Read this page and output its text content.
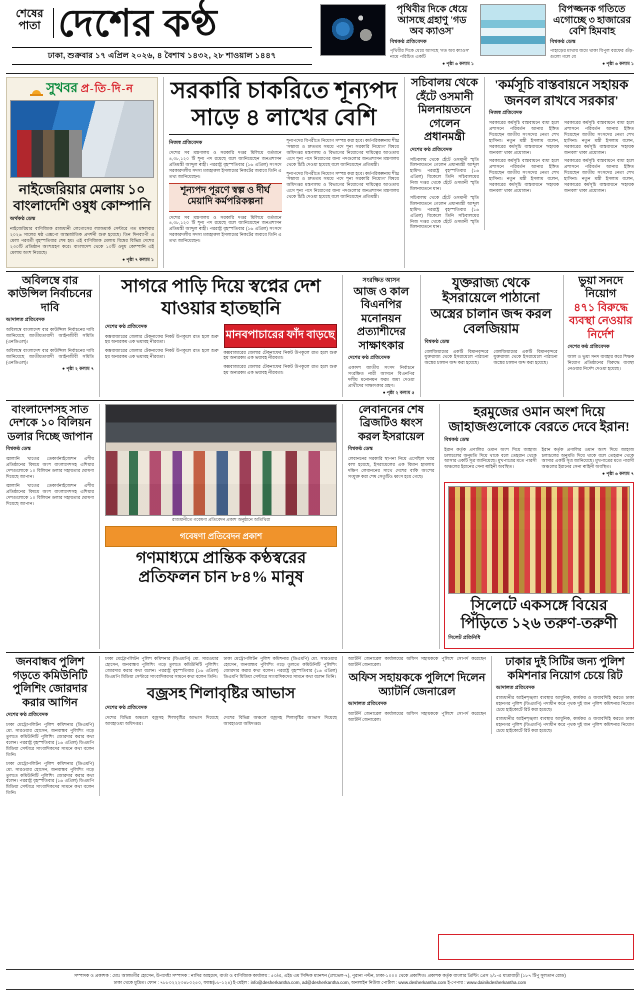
শেষের পাতা দেশের কণ্ঠ
ঢাকা, শুক্রবার ১৭ এপ্রিল ২০২৬, ৪ বৈশাখ ১৪৩২, ২৮ শাওয়াল ১৪৪৭
পৃথিবীর দিকে ধেয়ে আসছে গ্রহাণু 'গড অব ক্যাওস'
বিশ্বকণ্ঠ প্রতিবেদক
পৃথিবীর দিকে ধেয়ে আসছে 'গড অব ক্যাওস' নামে পরিচিত একটি
● পৃষ্ঠা ৬ কলাম ১
বিপজ্জনক গতিতে এগোচ্ছে ৩ হাজারের বেশি হিমবাহ
বিশ্বকণ্ঠ ডেস্ক
পাহাড়ের মাথায় জমে থাকা বিপুল বরফের গুঁড়-গুলো গলে যে
● পৃষ্ঠা ৬ কলাম ১
সুখবর প্র-তি-দি-ন
নাইজেরিয়ার মেলায় ১০ বাংলাদেশি ওষুধ কোম্পানি
অর্থকণ্ঠ ডেস্ক
নাইজেরিয়ার বাণিজ্যিক রাজধানী লেগোসের ল্যান্ডমার্ক সেন্টারে গত মঙ্গলবার ২০২৬ সালের ষষ্ঠ এক্সপো আন্তর্জাতিক প্রদর্শনী শুরু হয়েছে। তিন দিনব্যাপী এ মেলা পরবর্তী বৃহস্পতিবার শেষ হয়। এই বাণিজ্যিক মেলায় বিশ্বের বিভিন্ন দেশের ২৩০টি প্রতিষ্ঠান অংশগ্রহণ করে। বাংলাদেশ থেকে ১০টি ওষুধ কোম্পানি এই মেলায় অংশ নিয়েছে।
● পৃষ্ঠা ৭ কলাম ১
সরকারি চাকরিতে শূন্যপদ সাড়ে ৪ লাখের বেশি
নিজস্ব প্রতিবেদক
দেশের সব মন্ত্রণালয় ও সরকারি দপ্তর মিলিয়ে বর্তমানে ৪,৩৮,১২০ টি শূন্য পদ রয়েছে বলে জানিয়েছেন জনপ্রশাসন প্রতিমন্ত্রী আব্দুল ৰাহী। পররাষ্ট্র বৃহস্পতিবার (১৬ এপ্রিল) সংসদে সরকারদলীয় সদস্য মজহারুল ইসলামের নিকটের জবাবে তিনি এ তথ্য জানিয়েছেন।
শূন্যপদ পূরণে স্বল্প ও দীর্ঘ মেয়াদি কর্মপরিকল্পনা
দেশের সব মন্ত্রণালয় ও সরকারি দপ্তর মিলিয়ে বর্তমানে ৪,৩৮,১২০ টি শূন্য পদ রয়েছে বলে জানিয়েছেন জনপ্রশাসন প্রতিমন্ত্রী আব্দুল ৰাহী। পররাষ্ট্র বৃহস্পতিবার (১৬ এপ্রিল) সংসদে সরকারদলীয় সদস্য মজহারুল ইসলামের নিকটের জবাবে তিনি এ তথ্য জানিয়েছেন।
শূন্যপদের বিপরীতে নিয়োগ সম্পন্ন করা হবে। কর্মপরিকল্পনায় শীঘ্র 'সম্ভাব্য ও দ্রুততম সময়ে পদে শূন্য সরকারি নিয়োগ' বিষয়ে অধিদপ্তর মন্ত্রণালয় ও বিভাগের নিয়োগের দায়িত্বের আওতায় এসে শূন্য পদে নিয়োগের জন্য পদগুলোর জনপ্রশাসন মন্ত্রণালয় থেকে চিঠি দেওয়া হয়েছে বলে জানিয়েছেন প্রতিমন্ত্রী।
শূন্যপদের বিপরীতে নিয়োগ সম্পন্ন করা হবে। কর্মপরিকল্পনায় শীঘ্র 'সম্ভাব্য ও দ্রুততম সময়ে পদে শূন্য সরকারি নিয়োগ' বিষয়ে অধিদপ্তর মন্ত্রণালয় ও বিভাগের নিয়োগের দায়িত্বের আওতায় এসে শূন্য পদে নিয়োগের জন্য পদগুলোর জনপ্রশাসন মন্ত্রণালয় থেকে চিঠি দেওয়া হয়েছে বলে জানিয়েছেন প্রতিমন্ত্রী।
সচিবালয় থেকে হেঁটে ওসমানী মিলনায়তনে গেলেন প্রধানমন্ত্রী
দেশের কণ্ঠ প্রতিবেদক
সচিবালয় থেকে হেঁটে ওসমানী স্মৃতি মিলনায়তনে গেলেন প্রধানমন্ত্রী আব্দুল হামিদ। পররাষ্ট্র বৃহস্পতিবার (১৬ এপ্রিল) বিকেলে তিনি সচিবালয়ের নিজ দপ্তর থেকে হেঁটে ওসমানী স্মৃতি মিলনায়তনে যান।
সচিবালয় থেকে হেঁটে ওসমানী স্মৃতি মিলনায়তনে গেলেন প্রধানমন্ত্রী আব্দুল হামিদ। পররাষ্ট্র বৃহস্পতিবার (১৬ এপ্রিল) বিকেলে তিনি সচিবালয়ের নিজ দপ্তর থেকে হেঁটে ওসমানী স্মৃতি মিলনায়তনে যান।
'কর্মসূচি বাস্তবায়নে সহায়ক জনবল রাখবে সরকার'
নিজস্ব প্রতিবেদক
সরকারের কর্মসূচি বাস্তবায়নে বাধা হলে প্রশাসনে পরিবর্তন আনার ইঙ্গিত দিয়েছেন জাতীয় সংসদের নেতা শেখ হাসিনা। নতুন মন্ত্রী ইসলাম বলেন, সরকারের কর্মসূচি বাস্তবায়নে 'সহায়ক জনবল' থাকা প্রয়োজন।
সরকারের কর্মসূচি বাস্তবায়নে বাধা হলে প্রশাসনে পরিবর্তন আনার ইঙ্গিত দিয়েছেন জাতীয় সংসদের নেতা শেখ হাসিনা। নতুন মন্ত্রী ইসলাম বলেন, সরকারের কর্মসূচি বাস্তবায়নে 'সহায়ক জনবল' থাকা প্রয়োজন।
সরকারের কর্মসূচি বাস্তবায়নে বাধা হলে প্রশাসনে পরিবর্তন আনার ইঙ্গিত দিয়েছেন জাতীয় সংসদের নেতা শেখ হাসিনা। নতুন মন্ত্রী ইসলাম বলেন, সরকারের কর্মসূচি বাস্তবায়নে 'সহায়ক জনবল' থাকা প্রয়োজন।
সরকারের কর্মসূচি বাস্তবায়নে বাধা হলে প্রশাসনে পরিবর্তন আনার ইঙ্গিত দিয়েছেন জাতীয় সংসদের নেতা শেখ হাসিনা। নতুন মন্ত্রী ইসলাম বলেন, সরকারের কর্মসূচি বাস্তবায়নে 'সহায়ক জনবল' থাকা প্রয়োজন।
অবিলম্বে বার কাউন্সিল নির্বাচনের দাবি
আদালত প্রতিবেদক
অবিলম্বে বাংলাদেশ বার কাউন্সিল নির্বাচনের দাবি জানিয়েছে জাতীয়তাবাদী আইনজীবী সমিতি (এনডিএল)।
অবিলম্বে বাংলাদেশ বার কাউন্সিল নির্বাচনের দাবি জানিয়েছে জাতীয়তাবাদী আইনজীবী সমিতি (এনডিএল)।
● পৃষ্ঠা ২ কলাম ৭
সাগরে পাড়ি দিয়ে স্বপ্নের দেশ যাওয়ার হাতছানি
দেশের কণ্ঠ প্রতিবেদক
কক্সবাজারের জেলার টেকনাফের নিকট উপকূলে রাত হলে শুরু হয় অন্যরকম এক ভয়াবহ নীরবতা।
কক্সবাজারের জেলার টেকনাফের নিকট উপকূলে রাত হলে শুরু হয় অন্যরকম এক ভয়াবহ নীরবতা।
মানবপাচারের ফাঁদ বাড়ছে
কক্সবাজারের জেলার টেকনাফের নিকট উপকূলে রাত হলে শুরু হয় অন্যরকম এক ভয়াবহ নীরবতা।
কক্সবাজারের জেলার টেকনাফের নিকট উপকূলে রাত হলে শুরু হয় অন্যরকম এক ভয়াবহ নীরবতা।
সংরক্ষিত আসন
আজ ও কাল বিএনপির মনোনয়ন প্রত্যাশীদের সাক্ষাৎকার
দেশের কণ্ঠ প্রতিবেদক
একাদশ জাতীয় সংসদ নির্বাচনে সংরক্ষিত নারী আসনে বিএনপির দলীয় মনোনয়ন ফরম জমা দেওয়া প্রার্থীদের সাক্ষাৎকার গ্রহণ।
● পৃষ্ঠা ২ কলাম ৫
যুক্তরাজ্য থেকে ইসরায়েলে পাঠানো অস্ত্রের চালান জব্দ করল বেলজিয়াম
বিশ্বকণ্ঠ ডেস্ক
বেলজিয়ামের একটি বিমানবন্দরে যুক্তরাজ্য থেকে ইসরায়েলে পাঠানো অস্ত্রের চালান জব্দ করা হয়েছে।
বেলজিয়ামের একটি বিমানবন্দরে যুক্তরাজ্য থেকে ইসরায়েলে পাঠানো অস্ত্রের চালান জব্দ করা হয়েছে।
ভুয়া সনদে নিয়োগ
৪৭১ বিরুদ্ধে ব্যবস্থা নেওয়ার নির্দেশ
দেশের কণ্ঠ প্রতিবেদক
জাল ও ভুয়া সনদ ব্যবহার করে শিক্ষক নিয়োগ প্রতিষ্ঠানের বিরুদ্ধে ব্যবস্থা নেওয়ার নির্দেশ দেওয়া হয়েছে।
বাংলাদেশসহ সাত দেশকে ১০ বিলিয়ন ডলার দিচ্ছে জাপান
বিশ্বকণ্ঠ ডেস্ক
জ্বালানি খাতের ডেকার্বনাইজেশন এশীয় প্রতিষ্ঠানের বিষয়ে অংশ বাংলাদেশসহ এশিয়ার দেশগুলোকে ১০ বিলিয়ন ডলার সহায়তার ঘোষণা দিয়েছে জাপান।
জ্বালানি খাতের ডেকার্বনাইজেশন এশীয় প্রতিষ্ঠানের বিষয়ে অংশ বাংলাদেশসহ এশিয়ার দেশগুলোকে ১০ বিলিয়ন ডলার সহায়তার ঘোষণা দিয়েছে জাপান।
রাজধানীতে গবেষণা প্রতিবেদন প্রকাশ অনুষ্ঠানে অতিথিরা
গবেষণা প্রতিবেদন প্রকাশ
গণমাধ্যমে প্রান্তিক কণ্ঠস্বরের প্রতিফলন চান ৮৪% মানুষ
লেবাননের শেষ ব্রিজটিও ধ্বংস করল ইসরায়েল
বিশ্বকণ্ঠ ডেস্ক
লেবাননের সরকারি স্থাপনা নিয়ে এসেছিল খবর বলা হয়েছে, ইসরায়েলের এক বিমান হামলায় দক্ষিণ লেবাননের সাথে দেশের বাকি অংশের সংযুক্ত করা শেষ সেতুটিও ধ্বংস হয়ে গেছে।
হরমুজের ওমান অংশ দিয়ে জাহাজগুলোকে বেরতে দেবে ইরান!
বিশ্বকণ্ঠ ডেস্ক
ইরান কর্তৃক প্রণালির ওমান অংশ দিয়ে জাহাজ চলাচলের অনুমতি দিয়ে থাকে বলে তেহরান থেকে আসার একটি সূত্র জানিয়েছে। মুখপাত্রের মতে পারসী অঞ্চলের ইরানের সেনা ৰাহিনী অবস্থিত।
ইরান কর্তৃক প্রণালির ওমান অংশ দিয়ে জাহাজ চলাচলের অনুমতি দিয়ে থাকে বলে তেহরান থেকে আসার একটি সূত্র জানিয়েছে। মুখপাত্রের মতে পারসী অঞ্চলের ইরানের সেনা ৰাহিনী অবস্থিত।
● পৃষ্ঠা ৬ কলাম ৭
সিলেটে একসঙ্গে বিয়ের পিঁড়িতে ১২৬ তরুণ-তরুণী
সিলেট প্রতিনিধি
জনবান্ধব পুলিশ গড়তে কমিউনিটি পুলিশিং জোরদার করার আগিন
দেশের কণ্ঠ প্রতিবেদক
ঢাকা মেট্রোপলিটন পুলিশ কমিশনার (ডিএমপি) মো. সারওয়ার হোসেন, জনবান্ধব পুলিশিং গড়ে তুলতে কমিউনিটি পুলিশিং জোরদার করার কথা বলেন। পররাষ্ট্র বৃহস্পতিবার (১৬ এপ্রিল) ডিএমপি মিডিয়া সেন্টারে সাংবাদিকদের সামনে কথা বলেন তিনি।
ঢাকা মেট্রোপলিটন পুলিশ কমিশনার (ডিএমপি) মো. সারওয়ার হোসেন, জনবান্ধব পুলিশিং গড়ে তুলতে কমিউনিটি পুলিশিং জোরদার করার কথা বলেন। পররাষ্ট্র বৃহস্পতিবার (১৬ এপ্রিল) ডিএমপি মিডিয়া সেন্টারে সাংবাদিকদের সামনে কথা বলেন তিনি।
ঢাকা মেট্রোপলিটন পুলিশ কমিশনার (ডিএমপি) মো. সারওয়ার হোসেন, জনবান্ধব পুলিশিং গড়ে তুলতে কমিউনিটি পুলিশিং জোরদার করার কথা বলেন। পররাষ্ট্র বৃহস্পতিবার (১৬ এপ্রিল) ডিএমপি মিডিয়া সেন্টারে সাংবাদিকদের সামনে কথা বলেন তিনি।
ঢাকা মেট্রোপলিটন পুলিশ কমিশনার (ডিএমপি) মো. সারওয়ার হোসেন, জনবান্ধব পুলিশিং গড়ে তুলতে কমিউনিটি পুলিশিং জোরদার করার কথা বলেন। পররাষ্ট্র বৃহস্পতিবার (১৬ এপ্রিল) ডিএমপি মিডিয়া সেন্টারে সাংবাদিকদের সামনে কথা বলেন তিনি।
বজ্রসহ শিলাবৃষ্টির আভাস
দেশের কণ্ঠ প্রতিবেদক
দেশের বিভিন্ন অঞ্চলে বজ্রসহ শিলাবৃষ্টির আভাস দিয়েছে আবহাওয়া অধিদপ্তর।
দেশের বিভিন্ন অঞ্চলে বজ্রসহ শিলাবৃষ্টির আভাস দিয়েছে আবহাওয়া অধিদপ্তর।
অ্যাটর্নি জেনারেল কার্যালয়ের অফিস সহায়ককে পুলিশে সোপর্দ করেছেন অ্যাটর্নি জেনারেল।
অফিস সহায়ককে পুলিশে দিলেন অ্যাটর্নি জেনারেল
আদালত প্রতিবেদক
অ্যাটর্নি জেনারেল কার্যালয়ের অফিস সহায়ককে পুলিশে সোপর্দ করেছেন অ্যাটর্নি জেনারেল।
ঢাকার দুই সিটির জন্য পুলিশ কমিশনার নিয়োগ চেয়ে রিট
আদালত প্রতিবেদক
রাজধানীর আইনশৃঙ্খলা ব্যবস্থার আধুনিক, কার্যকর ও জবাবদিহি করতে ঢাকা মহানগর পুলিশ (ডিএমপি) পদাধীন করে পৃথক দুই জন পুলিশ কমিশনার নিয়োগ চেয়ে হাইকোর্টে রিট করা হয়েছে।
রাজধানীর আইনশৃঙ্খলা ব্যবস্থার আধুনিক, কার্যকর ও জবাবদিহি করতে ঢাকা মহানগর পুলিশ (ডিএমপি) পদাধীন করে পৃথক দুই জন পুলিশ কমিশনার নিয়োগ চেয়ে হাইকোর্টে রিট করা হয়েছে।
সম্পাদক ও প্রকাশক : মোঃ আলমগীর হোসেন, উপদেষ্টা সম্পাদক : নাসির আহমেদ, বার্তা ও বাণিজ্যিক কার্যালয় : ৫০/এ, এইচ এম সিদ্দিক ম্যানশন (লেভেল-৭), পুরানা পল্টন, ঢাকা-১০০০ থেকে প্রকাশিত। প্রকাশক কর্তৃক বাংলার প্রিন্টিং প্রেস ২/১-এ যাত্রাবাড়ী (১৮৭ টিপু সুলতান রোড)
ঢাকা থেকে মুদ্রিত। ফোন : ৭৮৮০২২২৩৪৮০২৫০, ফ্যাক্স(৮৮-১২৪) ই-মেইল : info@desherkantha.com, ad@desherkantha.com, অনলাইন নিউজ পোর্টাল : www.desherkantha.com ই-পেপার : www.dainikdesherkantha.com
